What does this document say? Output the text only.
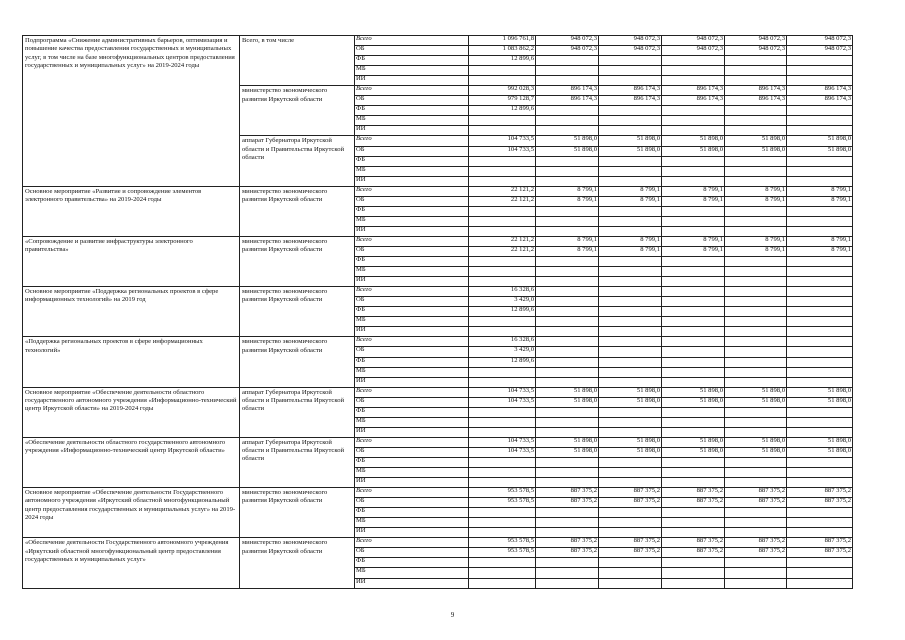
Подпрограмма «Снижение административных барьеров, оптимизация и повышение качества предоставления государственных и муниципальных услуг, в том числе на базе многофункциональных центров предоставления государственных и муниципальных услуг» на 2019-2024 годы	Всего, в том числе	Всего	1 096 761,8	948 072,3	948 072,3	948 072,3	948 072,3	948 072,3
		ОБ	1 083 862,2	948 072,3	948 072,3	948 072,3	948 072,3	948 072,3
		ФБ	12 899,6					
		МБ						
		ИИ						
	министерство экономического развития Иркутской области	Всего	992 028,3	896 174,3	896 174,3	896 174,3	896 174,3	896 174,3
		ОБ	979 128,7	896 174,3	896 174,3	896 174,3	896 174,3	896 174,3
		ФБ	12 899,6					
		МБ						
		ИИ						
	аппарат Губернатора Иркутской области и Правительства Иркутской области	Всего	104 733,5	51 898,0	51 898,0	51 898,0	51 898,0	51 898,0
		ОБ	104 733,5	51 898,0	51 898,0	51 898,0	51 898,0	51 898,0
		ФБ						
		МБ						
		ИИ						
Основное мероприятие «Развитие и сопровождение элементов электронного правительства» на 2019-2024 годы	министерство экономического развития Иркутской области	Всего	22 121,2	8 799,1	8 799,1	8 799,1	8 799,1	8 799,1
		ОБ	22 121,2	8 799,1	8 799,1	8 799,1	8 799,1	8 799,1
		ФБ						
		МБ						
		ИИ						
«Сопровождение и развитие инфраструктуры электронного правительства»	министерство экономического развития Иркутской области	Всего	22 121,2	8 799,1	8 799,1	8 799,1	8 799,1	8 799,1
		ОБ	22 121,2	8 799,1	8 799,1	8 799,1	8 799,1	8 799,1
		ФБ						
		МБ						
		ИИ						
Основное мероприятие «Поддержка региональных проектов в сфере информационных технологий» на 2019 год	министерство экономического развития Иркутской области	Всего	16 328,6					
		ОБ	3 429,0					
		ФБ	12 899,6					
		МБ						
		ИИ						
«Поддержка региональных проектов в сфере информационных технологий»	министерство экономического развития Иркутской области	Всего	16 328,6					
		ОБ	3 429,0					
		ФБ	12 899,6					
		МБ						
		ИИ						
Основное мероприятие «Обеспечение деятельности областного государственного автономного учреждения «Информационно-технический центр Иркутской области» на 2019-2024 годы	аппарат Губернатора Иркутской области и Правительства Иркутской области	Всего	104 733,5	51 898,0	51 898,0	51 898,0	51 898,0	51 898,0
		ОБ	104 733,5	51 898,0	51 898,0	51 898,0	51 898,0	51 898,0
		ФБ						
		МБ						
		ИИ						
«Обеспечение деятельности областного государственного автономного учреждения «Информационно-технический центр Иркутской области»	аппарат Губернатора Иркутской области и Правительства Иркутской области	Всего	104 733,5	51 898,0	51 898,0	51 898,0	51 898,0	51 898,0
		ОБ	104 733,5	51 898,0	51 898,0	51 898,0	51 898,0	51 898,0
		ФБ						
		МБ						
		ИИ						
Основное мероприятие «Обеспечение деятельности Государственного автономного учреждения «Иркутский областной многофункциональный центр предоставления государственных и муниципальных услуг» на 2019-2024 годы	министерство экономического развития Иркутской области	Всего	953 578,5	887 375,2	887 375,2	887 375,2	887 375,2	887 375,2
		ОБ	953 578,5	887 375,2	887 375,2	887 375,2	887 375,2	887 375,2
		ФБ						
		МБ						
		ИИ						
«Обеспечение деятельности Государственного автономного учреждения «Иркутский областной многофункциональный центр предоставления государственных и муниципальных услуг»	министерство экономического развития Иркутской области	Всего	953 578,5	887 375,2	887 375,2	887 375,2	887 375,2	887 375,2
		ОБ	953 578,5	887 375,2	887 375,2	887 375,2	887 375,2	887 375,2
		ФБ						
		МБ						
		ИИ						
9
